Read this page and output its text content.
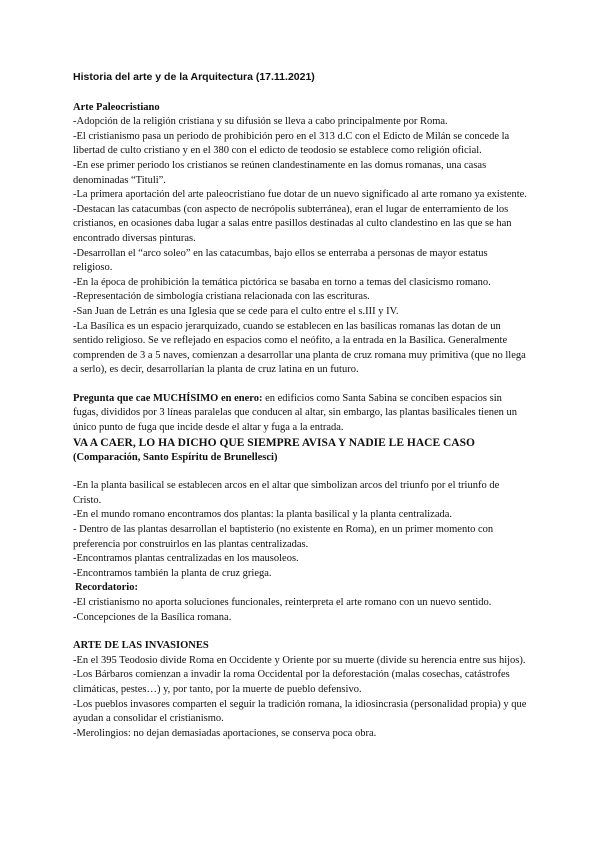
Historia del arte y de la Arquitectura (17.11.2021)

Arte Paleocristiano

-Adopción de la religión cristiana y su difusión se lleva a cabo principalmente por Roma.

-El cristianismo pasa un periodo de prohibición pero en el 313 d.C con el Edicto de Milán se concede la libertad de culto cristiano y en el 380 con el edicto de teodosio se establece como religión oficial.

-En ese primer periodo los cristianos se reúnen clandestinamente en las domus romanas, una casas denominadas “Tituli”.

-La primera aportación del arte paleocristiano fue dotar de un nuevo significado al arte romano ya existente.

-Destacan las catacumbas (con aspecto de necrópolis subterránea), eran el lugar de enterramiento de los cristianos, en ocasiones daba lugar a salas entre pasillos destinadas al culto clandestino en las que se han encontrado diversas pinturas.

-Desarrollan el “arco soleo” en las catacumbas, bajo ellos se enterraba a personas de mayor estatus religioso.

-En la época de prohibición la temática pictórica se basaba en torno a temas del clasicismo romano.

-Representación de simbología cristiana relacionada con las escrituras.

-San Juan de Letrán es una Iglesia que se cede para el culto entre el s.III y IV.

-La Basílica es un espacio jerarquizado, cuando se establecen en las basílicas romanas las dotan de un sentido religioso. Se ve reflejado en espacios como el neófito, a la entrada en la Basílica. Generalmente comprenden de 3 a 5 naves, comienzan a desarrollar una planta de cruz romana muy primitiva (que no llega a serlo), es decir, desarrollarían la planta de cruz latina en un futuro.

Pregunta que cae MUCHÍSIMO en enero: en edificios como Santa Sabina se conciben espacios sin fugas, divididos por 3 líneas paralelas que conducen al altar, sin embargo, las plantas basilicales tienen un único punto de fuga que incide desde el altar y fuga a la entrada.

VA A CAER, LO HA DICHO QUE SIEMPRE AVISA Y NADIE LE HACE CASO

(Comparación, Santo Espíritu de Brunellesci)

-En la planta basilical se establecen arcos en el altar que simbolizan arcos del triunfo por el triunfo de Cristo.

-En el mundo romano encontramos dos plantas: la planta basilical y la planta centralizada.

- Dentro de las plantas desarrollan el baptisterio (no existente en Roma), en un primer momento con preferencia por construirlos en las plantas centralizadas.

-Encontramos plantas centralizadas en los mausoleos.

-Encontramos también la planta de cruz griega.

Recordatorio:

-El cristianismo no aporta soluciones funcionales, reinterpreta el arte romano con un nuevo sentido.

-Concepciones de la Basílica romana.

ARTE DE LAS INVASIONES

-En el 395 Teodosio divide Roma en Occidente y Oriente por su muerte (divide su herencia entre sus hijos).

-Los Bárbaros comienzan a invadir la roma Occidental por la deforestación (malas cosechas, catástrofes climáticas, pestes…) y, por tanto, por la muerte de pueblo defensivo.

-Los pueblos invasores comparten el seguir la tradición romana, la idiosincrasia (personalidad propia) y que ayudan a consolidar el cristianismo.

-Merolingios: no dejan demasiadas aportaciones, se conserva poca obra.
